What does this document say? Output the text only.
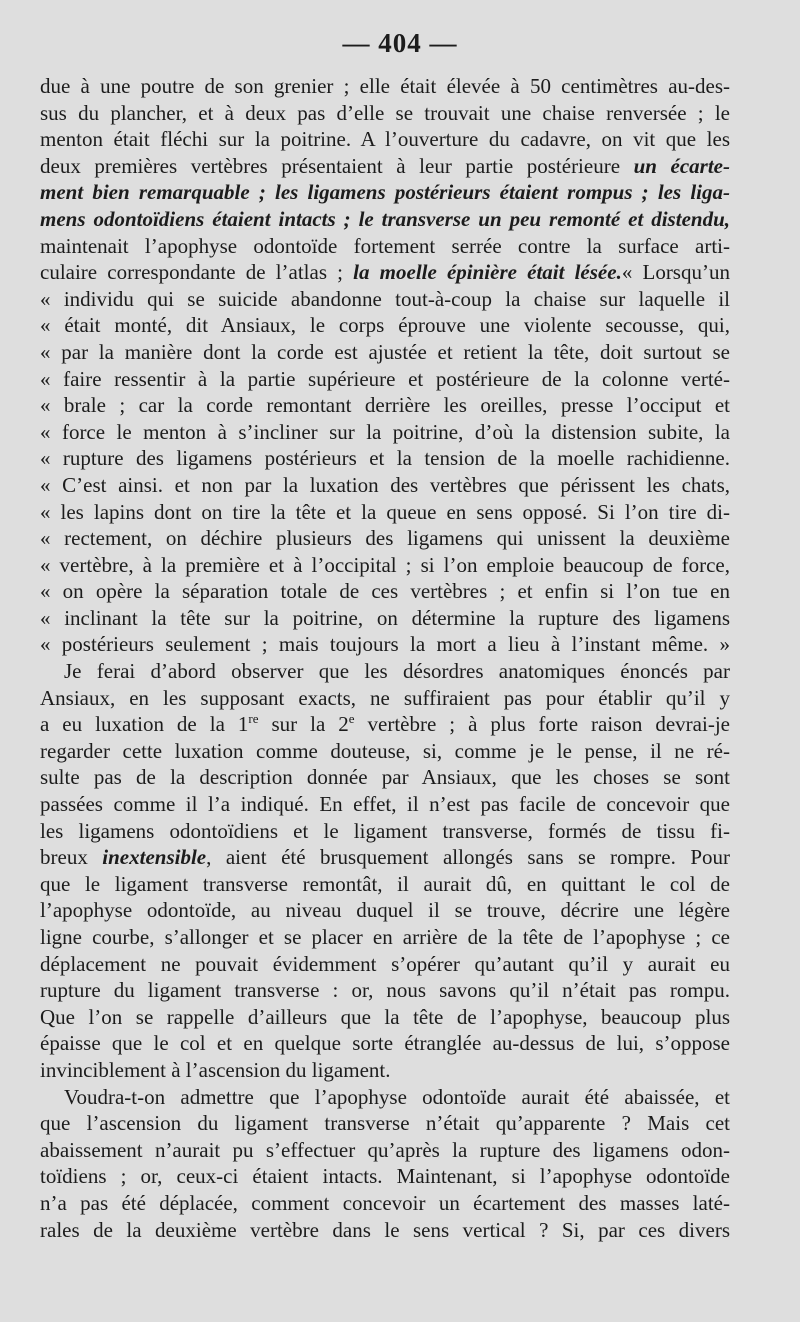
— 404 —
due à une poutre de son grenier ; elle était élevée à 50 centimètres au-des-
sus du plancher, et à deux pas d’elle se trouvait une chaise renversée ; le
menton était fléchi sur la poitrine. A l’ouverture du cadavre, on vit que les
deux premières vertèbres présentaient à leur partie postérieure un écarte-
ment bien remarquable ; les ligamens postérieurs étaient rompus ; les liga-
mens odontoïdiens étaient intacts ; le transverse un peu remonté et distendu,
maintenait l’apophyse odontoïde fortement serrée contre la surface arti-
culaire correspondante de l’atlas ; la moelle épinière était lésée.« Lorsqu’un
« individu qui se suicide abandonne tout-à-coup la chaise sur laquelle il
« était monté, dit Ansiaux, le corps éprouve une violente secousse, qui,
« par la manière dont la corde est ajustée et retient la tête, doit surtout se
« faire ressentir à la partie supérieure et postérieure de la colonne verté-
« brale ; car la corde remontant derrière les oreilles, presse l’occiput et
« force le menton à s’incliner sur la poitrine, d’où la distension subite, la
« rupture des ligamens postérieurs et la tension de la moelle rachidienne.
« C’est ainsi. et non par la luxation des vertèbres que périssent les chats,
« les lapins dont on tire la tête et la queue en sens opposé. Si l’on tire di-
« rectement, on déchire plusieurs des ligamens qui unissent la deuxième
« vertèbre, à la première et à l’occipital ; si l’on emploie beaucoup de force,
« on opère la séparation totale de ces vertèbres ; et enfin si l’on tue en
« inclinant la tête sur la poitrine, on détermine la rupture des ligamens
« postérieurs seulement ; mais toujours la mort a lieu à l’instant même. »
Je ferai d’abord observer que les désordres anatomiques énoncés par
Ansiaux, en les supposant exacts, ne suffiraient pas pour établir qu’il y
a eu luxation de la 1re sur la 2e vertèbre ; à plus forte raison devrai-je
regarder cette luxation comme douteuse, si, comme je le pense, il ne ré-
sulte pas de la description donnée par Ansiaux, que les choses se sont
passées comme il l’a indiqué. En effet, il n’est pas facile de concevoir que
les ligamens odontoïdiens et le ligament transverse, formés de tissu fi-
breux inextensible, aient été brusquement allongés sans se rompre. Pour
que le ligament transverse remontât, il aurait dû, en quittant le col de
l’apophyse odontoïde, au niveau duquel il se trouve, décrire une légère
ligne courbe, s’allonger et se placer en arrière de la tête de l’apophyse ; ce
déplacement ne pouvait évidemment s’opérer qu’autant qu’il y aurait eu
rupture du ligament transverse : or, nous savons qu’il n’était pas rompu.
Que l’on se rappelle d’ailleurs que la tête de l’apophyse, beaucoup plus
épaisse que le col et en quelque sorte étranglée au-dessus de lui, s’oppose
invinciblement à l’ascension du ligament.
Voudra-t-on admettre que l’apophyse odontoïde aurait été abaissée, et
que l’ascension du ligament transverse n’était qu’apparente ? Mais cet
abaissement n’aurait pu s’effectuer qu’après la rupture des ligamens odon-
toïdiens ; or, ceux-ci étaient intacts. Maintenant, si l’apophyse odontoïde
n’a pas été déplacée, comment concevoir un écartement des masses laté-
rales de la deuxième vertèbre dans le sens vertical ? Si, par ces divers
